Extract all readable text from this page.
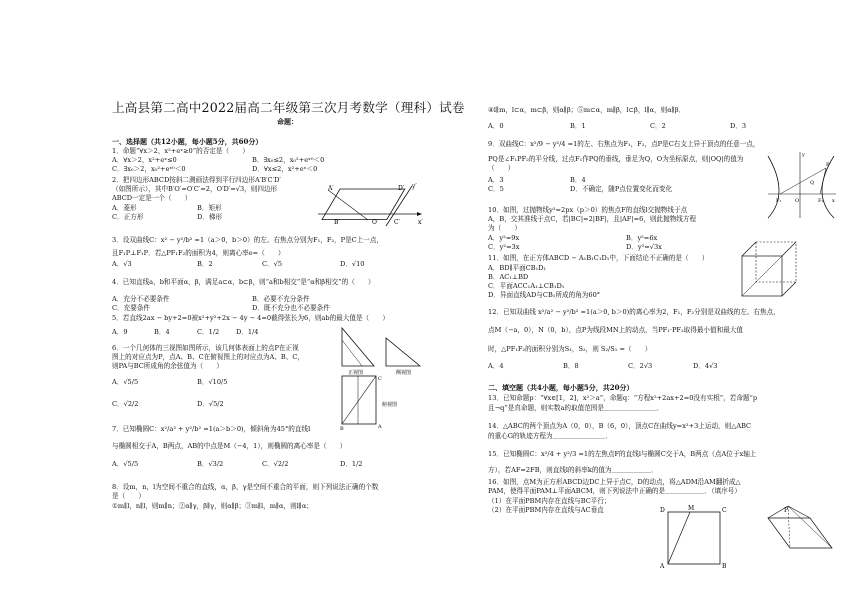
上高县第二高中2022届高二年级第三次月考数学（理科）试卷
命题：
一、选择题（共12小题，每小题5分，共60分）
1．命题“∀x＞2，x²+eˣ≥0”的否定是（　　）
A．∀x＞2，x²+eˣ≤0	B．∃x₀≤2，x₀²+eˣ⁰＜0
C．∃x₀＞2，x₀²+eˣ⁰＜0	D．∀x≤2，x²+eˣ＜0
2．把四边形ABCD按斜二测画法得到平行四边形A′B′C′D′
（如图所示），其中B′O′=O′C′=2，O′D′=√3，则四边形
ABCD一定是一个（　　）
A．菱形	B．矩形
C．正方形	D．梯形
A′	D′ y′
B′	O′	C′	x′
3．设双曲线C：x² − y²/b² =1（a＞0，b＞0）的左、右焦点分别为F₁，F₂，P是C上一点，
且F₁P⊥F₁P．若△PF₁F₂的面积为4，则离心率e=（　　）
A．√3	B．2	C．√5	D．√10
4．已知直线a，b和平面α，β，满足a⊂α，b⊂β，则“a和b相交”是“α和β相交”的（　　）
A．充分不必要条件	B．必要不充分条件
C．充要条件	D．既不充分也不必要条件
5．若直线2ax − by+2=0被x²+y²+2x − 4y − 4=0截得弦长为6，则ab的最大值是（　　）
A．9	B．4	C．1/2	D．1/4
6．一个几何体的三视图如图所示，该几何体表面上的点P在正视
图上的对应点为P，点A、B、C在俯视图上的对应点为A、B、C，
则PA与BC所成角的余弦值为（　　）
A．√5/5	B．√10/5
C．√2/2	D．√5/2
正视图	侧视图
俯视图
C
A
B
7．已知椭圆C：x²/a² + y²/b² =1(a＞b＞0)，倾斜角为45°的直线l
与椭圆相交于A，B两点，AB的中点是M（−4，1），则椭圆的离心率是（　　）
A．√5/5	B．√3/2	C．√2/2	D．1/2
8．设m，n，l为空间不重合的直线，α，β，γ是空间不重合的平面，则下列说法正确的个数
是（　　）
①m∥l，n∥l，则m∥n；②α∥γ，β∥γ，则α∥β；③m∥l，m∥α，则l∥α；
④l∥m，l⊂α，m⊂β，则α∥β；⑤m⊂α，m∥β，l⊂β，l∥α，则α∥β．
A．0	B．1	C．2	D．3
9．双曲线C：x²/9 − y²/4 =1的左、右焦点为F₁，F₂，点P是C右支上异于顶点的任意一点，
PQ是∠F₁PF₂的平分线，过点F₁作PQ的垂线，垂足为Q，O为坐标原点，则|OQ|的值为
（　　）
A．3	B．4
C．5	D．不确定，随P点位置变化而变化
y
P
Q
F₁	O	F₂ x
10．如图，过抛物线y²=2px（p＞0）的焦点F的直线l交抛物线于点
A，B，交其准线于点C，若|BC|=2|BF|，且|AF|=6，则此抛物线方程
为（　　）
A．y²=9x	B．y²=6x
C．y²=3x	D．y²=√3x
11．如图，在正方体ABCD − A₁B₁C₁D₁中，下面结论不正确的是（　　）
A．BD∥平面CB₁D₁
B．AC₁⊥BD
C．平面ACC₁A₁⊥CB₁D₁
D．异面直线AD与CB₁所成的角为60°
12．已知双曲线 x²/a² − y²/b² =1(a＞0, b＞0)的离心率为2，F₁，F₂分别是双曲线的左、右焦点，
点M（−a，0），N（0，b），点P为线段MN上的动点，当PF₁·PF₂取得最小值和最大值
时，△PF₁F₂的面积分别为S₁，S₂，则 S₂/S₁ =（　　）
A．4	B．8	C．2√3	D．4√3
二、填空题（共4小题，每小题5分，共20分）
13．已知命题p：“∀x∈[1，2]，x²＞a”，命题q：“方程x²+2ax+2=0没有实根”，若命题“p
且¬q”是真命题，则实数a的取值范围是＿＿＿＿＿＿＿＿．
14．△ABC的两个顶点为A（0，0），B（6，0），顶点C在曲线y=x²+3上运动，则△ABC
的重心G的轨迹方程为＿＿＿＿＿＿＿＿．
15．已知椭圆C：x²/4 + y²/3 =1的左焦点F的直线l与椭圆C交于A，B两点（点A位于x轴上
方），若AF=2FB，则直线l的斜率k的值为＿＿＿＿＿＿．
16．如图，点M为正方形ABCD边DC上异于点C，D的动点，将△ADM沿AM翻折成△
PAM，使得平面PAM⊥平面ABCM，则下列说法中正确的是＿＿＿＿＿＿．（填序号）
（1）在平面PBM内存在直线与BC平行；
（2）在平面PBM内存在直线与AC垂直	D	M	C
A	B
P
